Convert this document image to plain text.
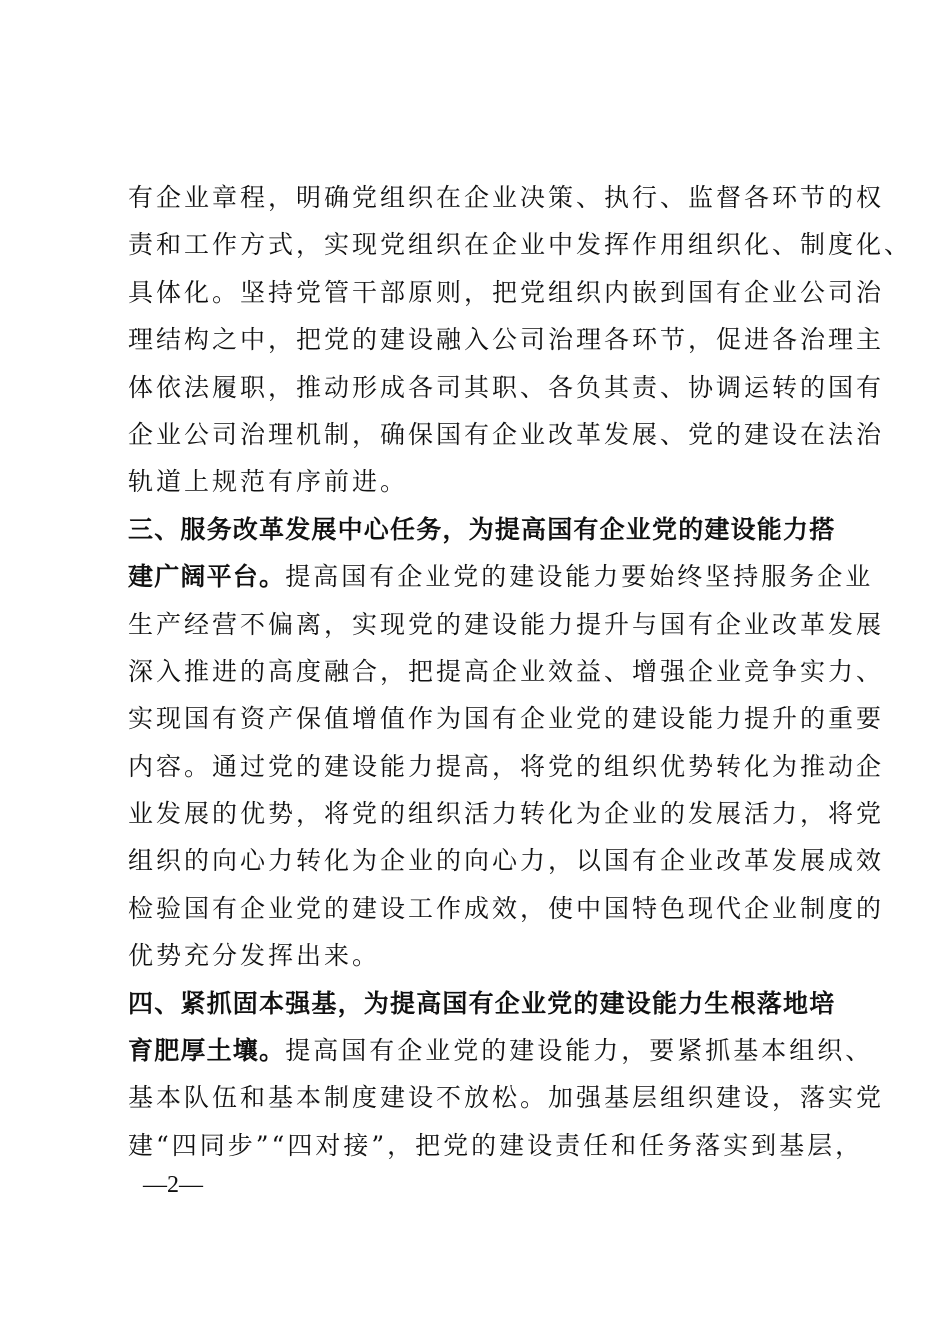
有企业章程，明确党组织在企业决策、执行、监督各环节的权
责和工作方式，实现党组织在企业中发挥作用组织化、制度化、
具体化。坚持党管干部原则，把党组织内嵌到国有企业公司治
理结构之中，把党的建设融入公司治理各环节，促进各治理主
体依法履职，推动形成各司其职、各负其责、协调运转的国有
企业公司治理机制，确保国有企业改革发展、党的建设在法治
轨道上规范有序前进。
三、服务改革发展中心任务，为提高国有企业党的建设能力搭
建广阔平台。提高国有企业党的建设能力要始终坚持服务企业
生产经营不偏离，实现党的建设能力提升与国有企业改革发展
深入推进的高度融合，把提高企业效益、增强企业竞争实力、
实现国有资产保值增值作为国有企业党的建设能力提升的重要
内容。通过党的建设能力提高，将党的组织优势转化为推动企
业发展的优势，将党的组织活力转化为企业的发展活力，将党
组织的向心力转化为企业的向心力，以国有企业改革发展成效
检验国有企业党的建设工作成效，使中国特色现代企业制度的
优势充分发挥出来。
四、紧抓固本强基，为提高国有企业党的建设能力生根落地培
育肥厚土壤。提高国有企业党的建设能力，要紧抓基本组织、
基本队伍和基本制度建设不放松。加强基层组织建设，落实党
建“四同步”“四对接”，把党的建设责任和任务落实到基层，
—2—
